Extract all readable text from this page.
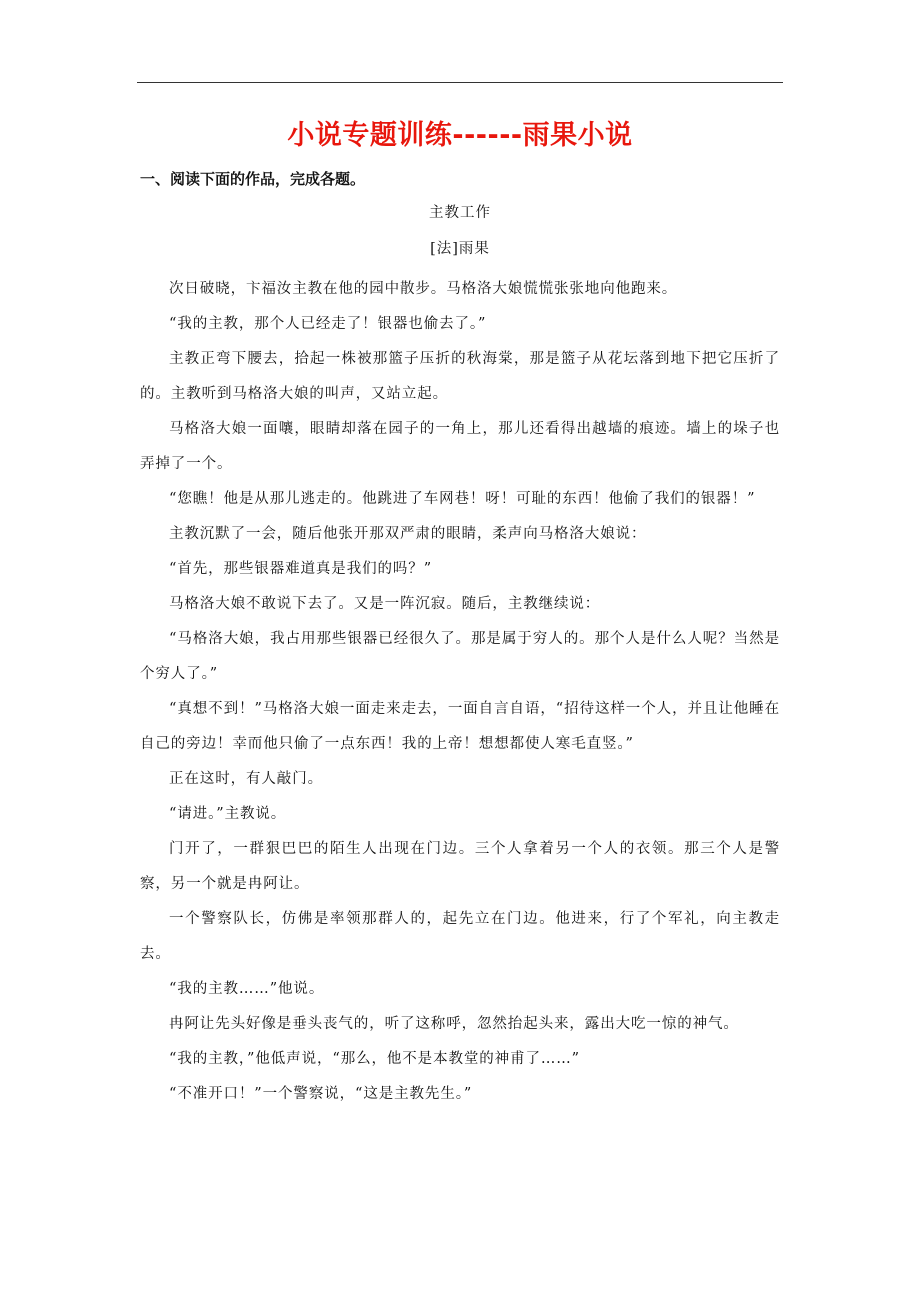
小说专题训练------雨果小说
一、阅读下面的作品，完成各题。
主教工作
[法]雨果

次日破晓，卞福汝主教在他的园中散步。马格洛大娘慌慌张张地向他跑来。

“我的主教，那个人已经走了！银器也偷去了。”

主教正弯下腰去，拾起一株被那篮子压折的秋海棠，那是篮子从花坛落到地下把它压折了的。主教听到马格洛大娘的叫声，又站立起。

马格洛大娘一面嚷，眼睛却落在园子的一角上，那儿还看得出越墙的痕迹。墙上的垛子也弄掉了一个。

“您瞧！他是从那儿逃走的。他跳进了车网巷！呀！可耻的东西！他偷了我们的银器！”

主教沉默了一会，随后他张开那双严肃的眼睛，柔声向马格洛大娘说：

“首先，那些银器难道真是我们的吗？”

马格洛大娘不敢说下去了。又是一阵沉寂。随后，主教继续说：

“马格洛大娘，我占用那些银器已经很久了。那是属于穷人的。那个人是什么人呢？当然是个穷人了。”

“真想不到！”马格洛大娘一面走来走去，一面自言自语，“招待这样一个人，并且让他睡在自己的旁边！幸而他只偷了一点东西！我的上帝！想想都使人寒毛直竖。”

正在这时，有人敲门。

“请进。”主教说。

门开了，一群狠巴巴的陌生人出现在门边。三个人拿着另一个人的衣领。那三个人是警察，另一个就是冉阿让。

一个警察队长，仿佛是率领那群人的，起先立在门边。他进来，行了个军礼，向主教走去。

“我的主教……”他说。

冉阿让先头好像是垂头丧气的，听了这称呼，忽然抬起头来，露出大吃一惊的神气。

“我的主教，”他低声说，“那么，他不是本教堂的神甫了……”

“不准开口！”一个警察说，“这是主教先生。”
